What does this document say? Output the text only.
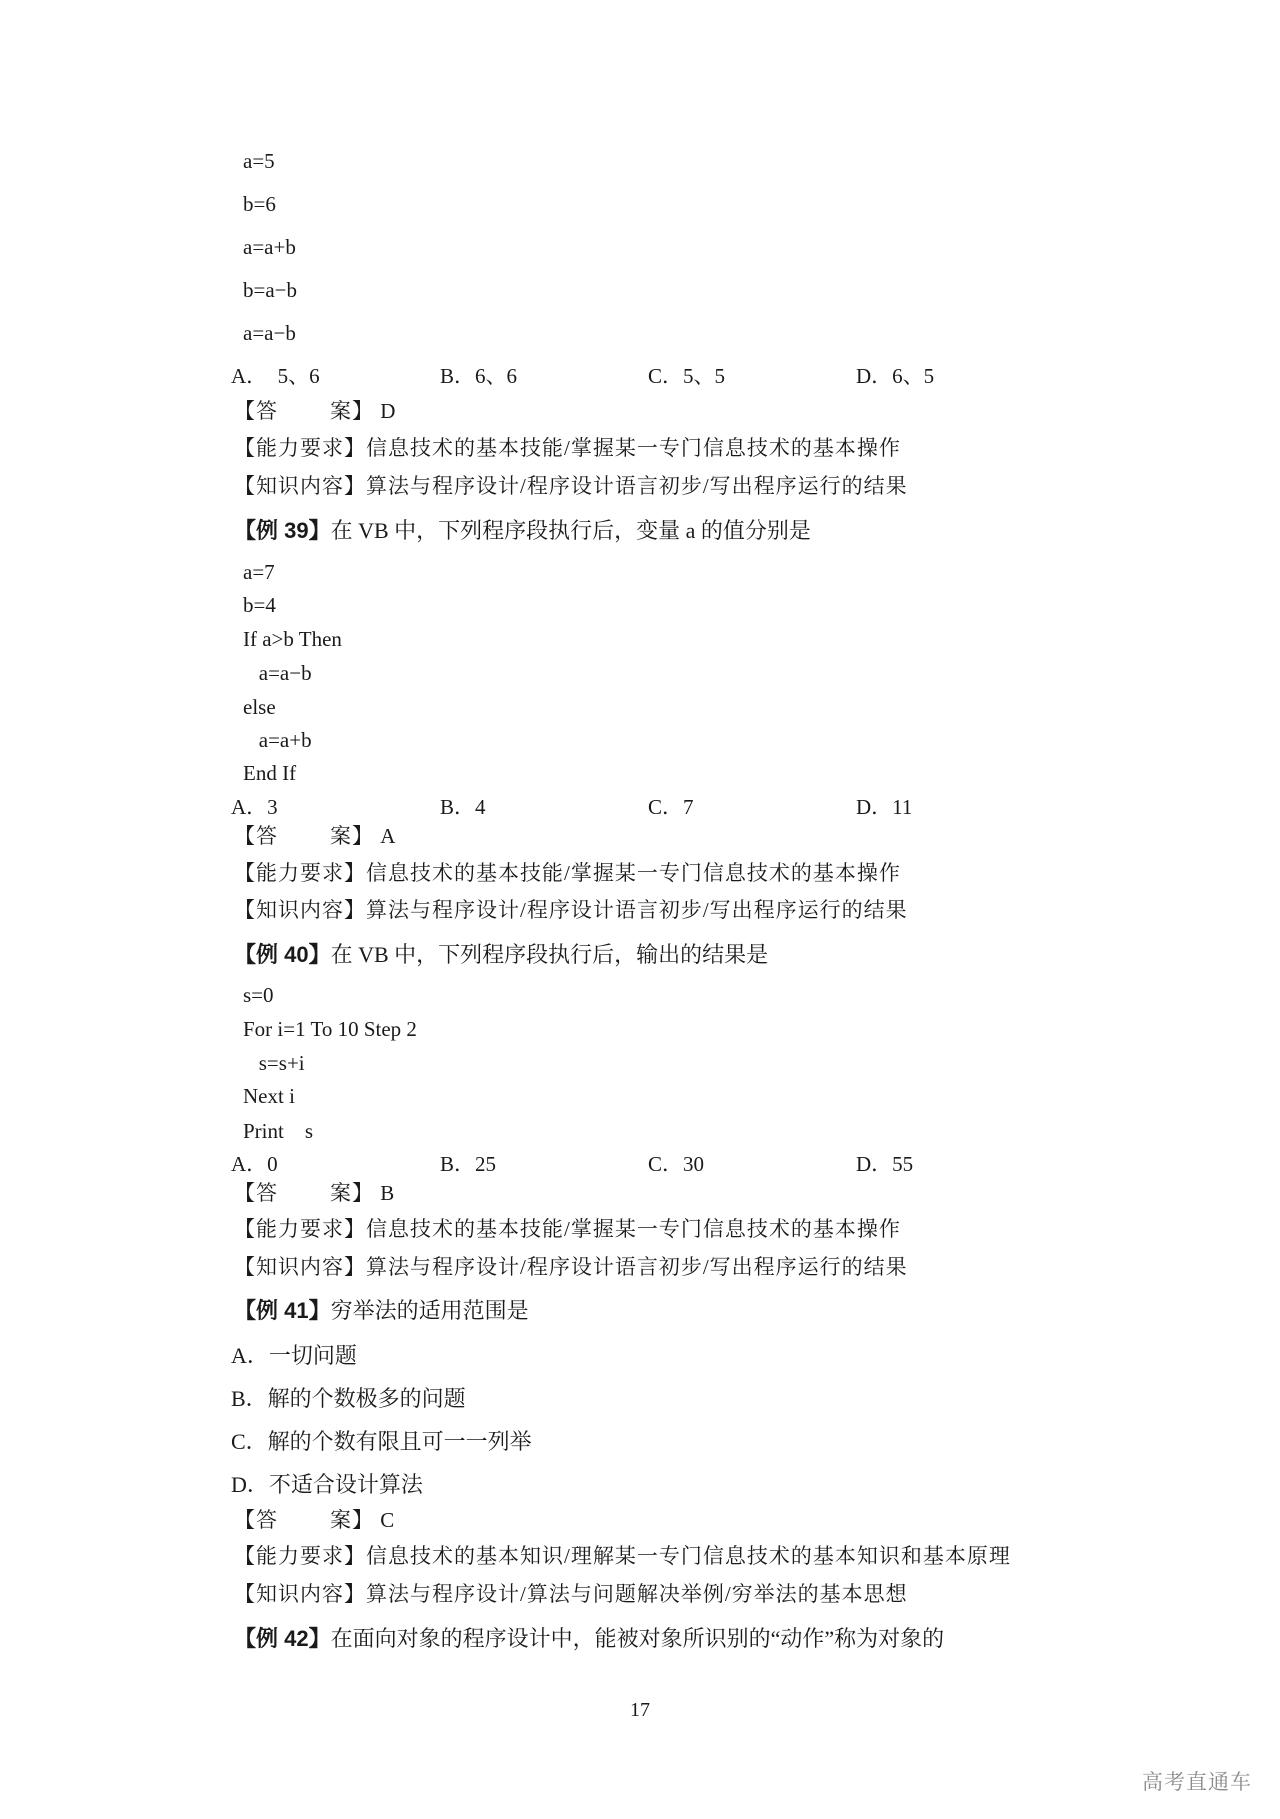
a=5
b=6
a=a+b
b=a−b
a=a−b
A．  5、6	B．6、6	C．5、5	D．6、5
【答 案】 D
【能力要求】信息技术的基本技能/掌握某一专门信息技术的基本操作
【知识内容】算法与程序设计/程序设计语言初步/写出程序运行的结果
【例 39】在 VB 中，下列程序段执行后，变量 a 的值分别是
a=7
b=4
If a>b Then
a=a−b
else
a=a+b
End If
A．3	B．4	C．7	D．11
【答 案】 A
【能力要求】信息技术的基本技能/掌握某一专门信息技术的基本操作
【知识内容】算法与程序设计/程序设计语言初步/写出程序运行的结果
【例 40】在 VB 中，下列程序段执行后，输出的结果是
s=0
For i=1 To 10 Step 2
s=s+i
Next i
Print    s
A．0	B．25	C．30	D．55
【答 案】 B
【能力要求】信息技术的基本技能/掌握某一专门信息技术的基本操作
【知识内容】算法与程序设计/程序设计语言初步/写出程序运行的结果
【例 41】穷举法的适用范围是
A．一切问题
B．解的个数极多的问题
C．解的个数有限且可一一列举
D．不适合设计算法
【答 案】 C
【能力要求】信息技术的基本知识/理解某一专门信息技术的基本知识和基本原理
【知识内容】算法与程序设计/算法与问题解决举例/穷举法的基本思想
【例 42】在面向对象的程序设计中，能被对象所识别的“动作”称为对象的
17
高考直通车
